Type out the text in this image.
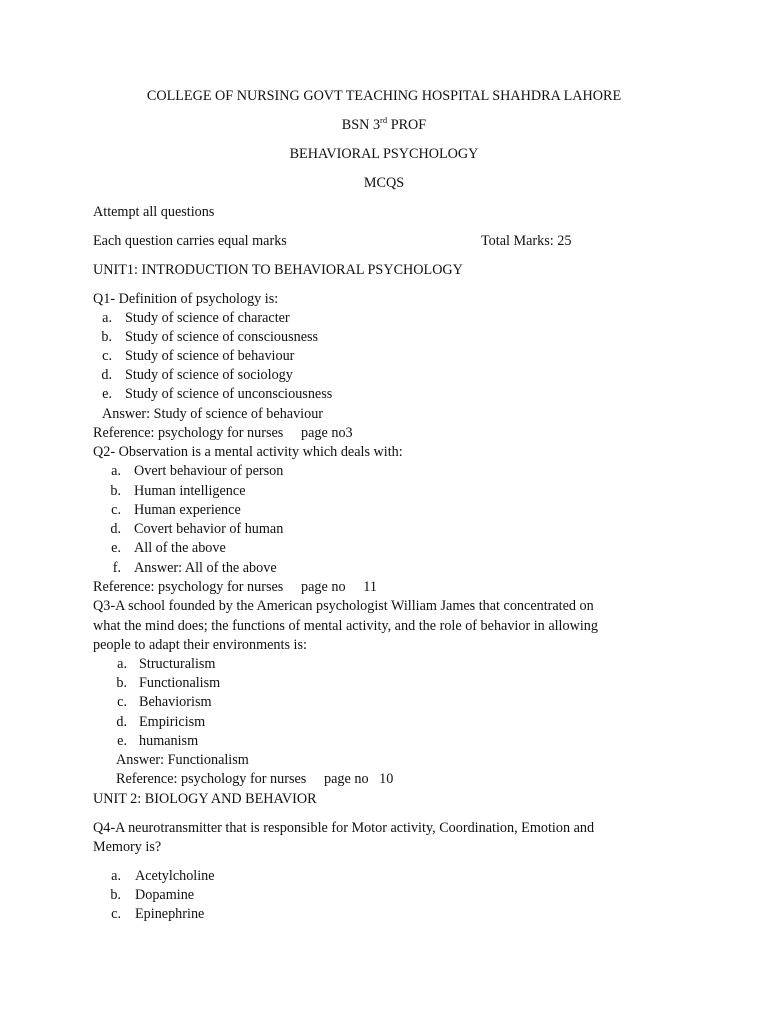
COLLEGE OF NURSING GOVT TEACHING HOSPITAL SHAHDRA LAHORE
BSN 3rd PROF
BEHAVIORAL PSYCHOLOGY
MCQS
Attempt all questions
Each question carries equal marks	Total Marks: 25
UNIT1: INTRODUCTION TO BEHAVIORAL PSYCHOLOGY
Q1- Definition of psychology is:
a. Study of science of character
b. Study of science of consciousness
c. Study of science of behaviour
d. Study of science of sociology
e. Study of science of unconsciousness
Answer: Study of science of behaviour
Reference: psychology for nurses     page no3
Q2- Observation is a mental activity which deals with:
a. Overt behaviour of person
b. Human intelligence
c. Human experience
d. Covert behavior of human
e. All of the above
f. Answer: All of the above
Reference: psychology for nurses     page no     11
Q3-A school founded by the American psychologist William James that concentrated on
what the mind does; the functions of mental activity, and the role of behavior in allowing
people to adapt their environments is:
a. Structuralism
b. Functionalism
c. Behaviorism
d. Empiricism
e. humanism
Answer: Functionalism
Reference: psychology for nurses     page no   10
UNIT 2: BIOLOGY AND BEHAVIOR
Q4-A neurotransmitter that is responsible for Motor activity, Coordination, Emotion and
Memory is?
a. Acetylcholine
b. Dopamine
c. Epinephrine
